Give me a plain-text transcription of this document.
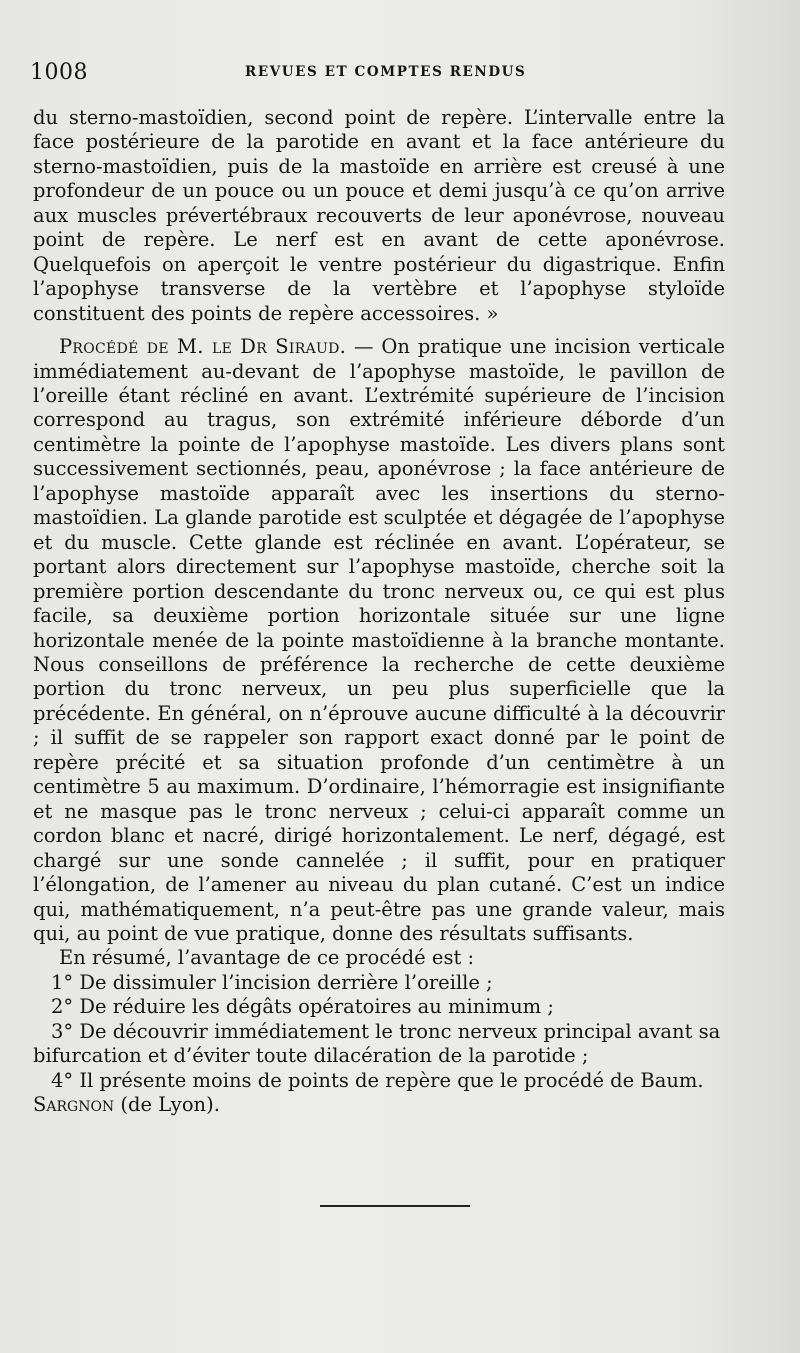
1008	REVUES ET COMPTES RENDUS

du sterno-mastoïdien, second point de repère. L’intervalle entre la face postérieure de la parotide en avant et la face antérieure du sterno-mastoïdien, puis de la mastoïde en arrière est creusé à une profondeur de un pouce ou un pouce et demi jusqu’à ce qu’on arrive aux muscles prévertébraux recouverts de leur aponévrose, nouveau point de repère. Le nerf est en avant de cette aponévrose. Quelquefois on aperçoit le ventre postérieur du digastrique. Enfin l’apophyse transverse de la vertèbre et l’apophyse styloïde constituent des points de repère accessoires. »

Procédé de M. le Dr Siraud. — On pratique une incision verticale immédiatement au-devant de l’apophyse mastoïde, le pavillon de l’oreille étant récliné en avant. L’extrémité supérieure de l’incision correspond au tragus, son extrémité inférieure déborde d’un centimètre la pointe de l’apophyse mastoïde. Les divers plans sont successivement sectionnés, peau, aponévrose ; la face antérieure de l’apophyse mastoïde apparaît avec les insertions du sterno-mastoïdien. La glande parotide est sculptée et dégagée de l’apophyse et du muscle. Cette glande est réclinée en avant. L’opérateur, se portant alors directement sur l’apophyse mastoïde, cherche soit la première portion descendante du tronc nerveux ou, ce qui est plus facile, sa deuxième portion horizontale située sur une ligne horizontale menée de la pointe mastoïdienne à la branche montante. Nous conseillons de préférence la recherche de cette deuxième portion du tronc nerveux, un peu plus superficielle que la précédente. En général, on n’éprouve aucune difficulté à la découvrir ; il suffit de se rappeler son rapport exact donné par le point de repère précité et sa situation profonde d’un centimètre à un centimètre 5 au maximum. D’ordinaire, l’hémorragie est insignifiante et ne masque pas le tronc nerveux ; celui-ci apparaît comme un cordon blanc et nacré, dirigé horizontalement. Le nerf, dégagé, est chargé sur une sonde cannelée ; il suffit, pour en pratiquer l’élongation, de l’amener au niveau du plan cutané. C’est un indice qui, mathématiquement, n’a peut-être pas une grande valeur, mais qui, au point de vue pratique, donne des résultats suffisants.

En résumé, l’avantage de ce procédé est :

1° De dissimuler l’incision derrière l’oreille ;
2° De réduire les dégâts opératoires au minimum ;
3° De découvrir immédiatement le tronc nerveux principal avant sa bifurcation et d’éviter toute dilacération de la parotide ;
4° Il présente moins de points de repère que le procédé de Baum.

Sargnon (de Lyon).
